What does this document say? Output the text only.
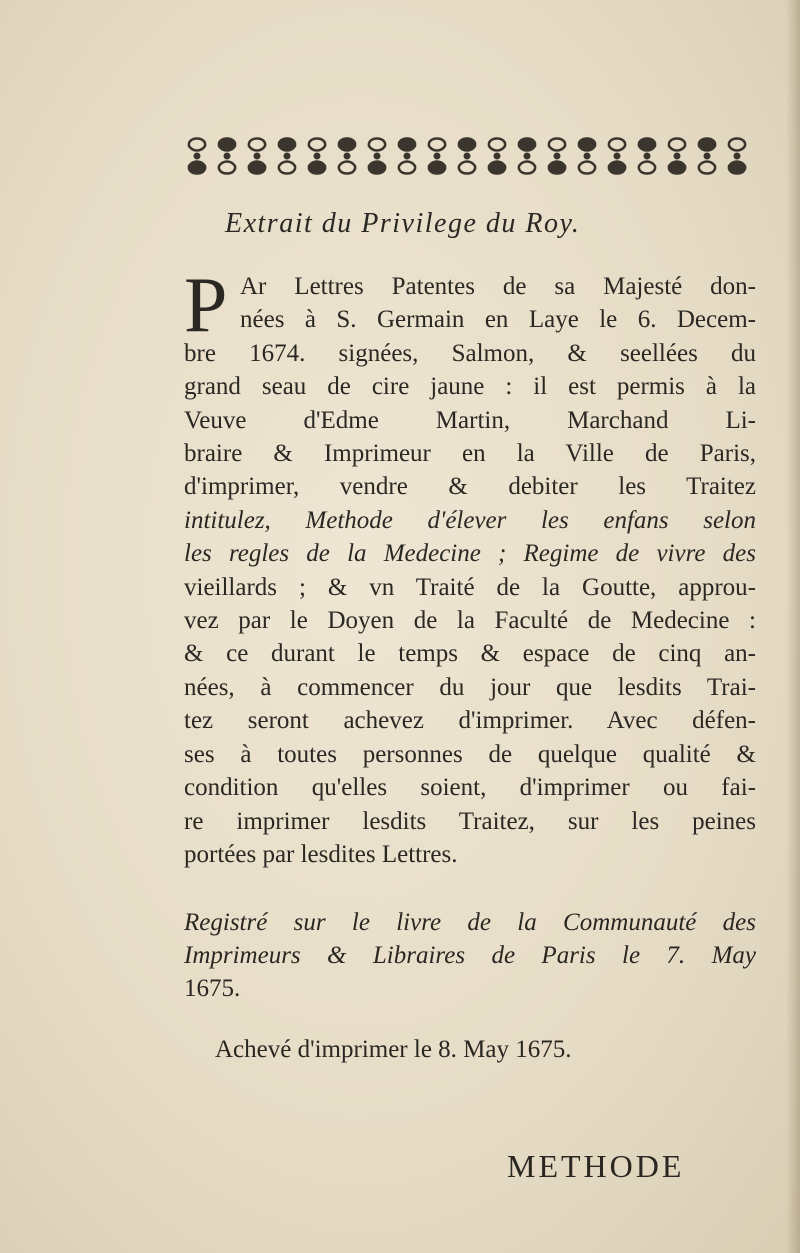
Extrait du Privilege du Roy.
P Ar Lettres Patentes de sa Majesté don-
nées à S. Germain en Laye le 6. Decem-
bre 1674. signées, Salmon, & seellées du
grand seau de cire jaune : il est permis à la
Veuve d'Edme Martin, Marchand Li-
braire & Imprimeur en la Ville de Paris,
d'imprimer, vendre & debiter les Traitez
intitulez, Methode d'élever les enfans selon
les regles de la Medecine ; Regime de vivre des
vieillards ; & vn Traité de la Goutte, approu-
vez par le Doyen de la Faculté de Medecine :
& ce durant le temps & espace de cinq an-
nées, à commencer du jour que lesdits Trai-
tez seront achevez d'imprimer. Avec défen-
ses à toutes personnes de quelque qualité &
condition qu'elles soient, d'imprimer ou fai-
re imprimer lesdits Traitez, sur les peines
portées par lesdites Lettres.
Registré sur le livre de la Communauté des
Imprimeurs & Libraires de Paris le 7. May
1675.
Achevé d'imprimer le 8. May 1675.
METHODE
